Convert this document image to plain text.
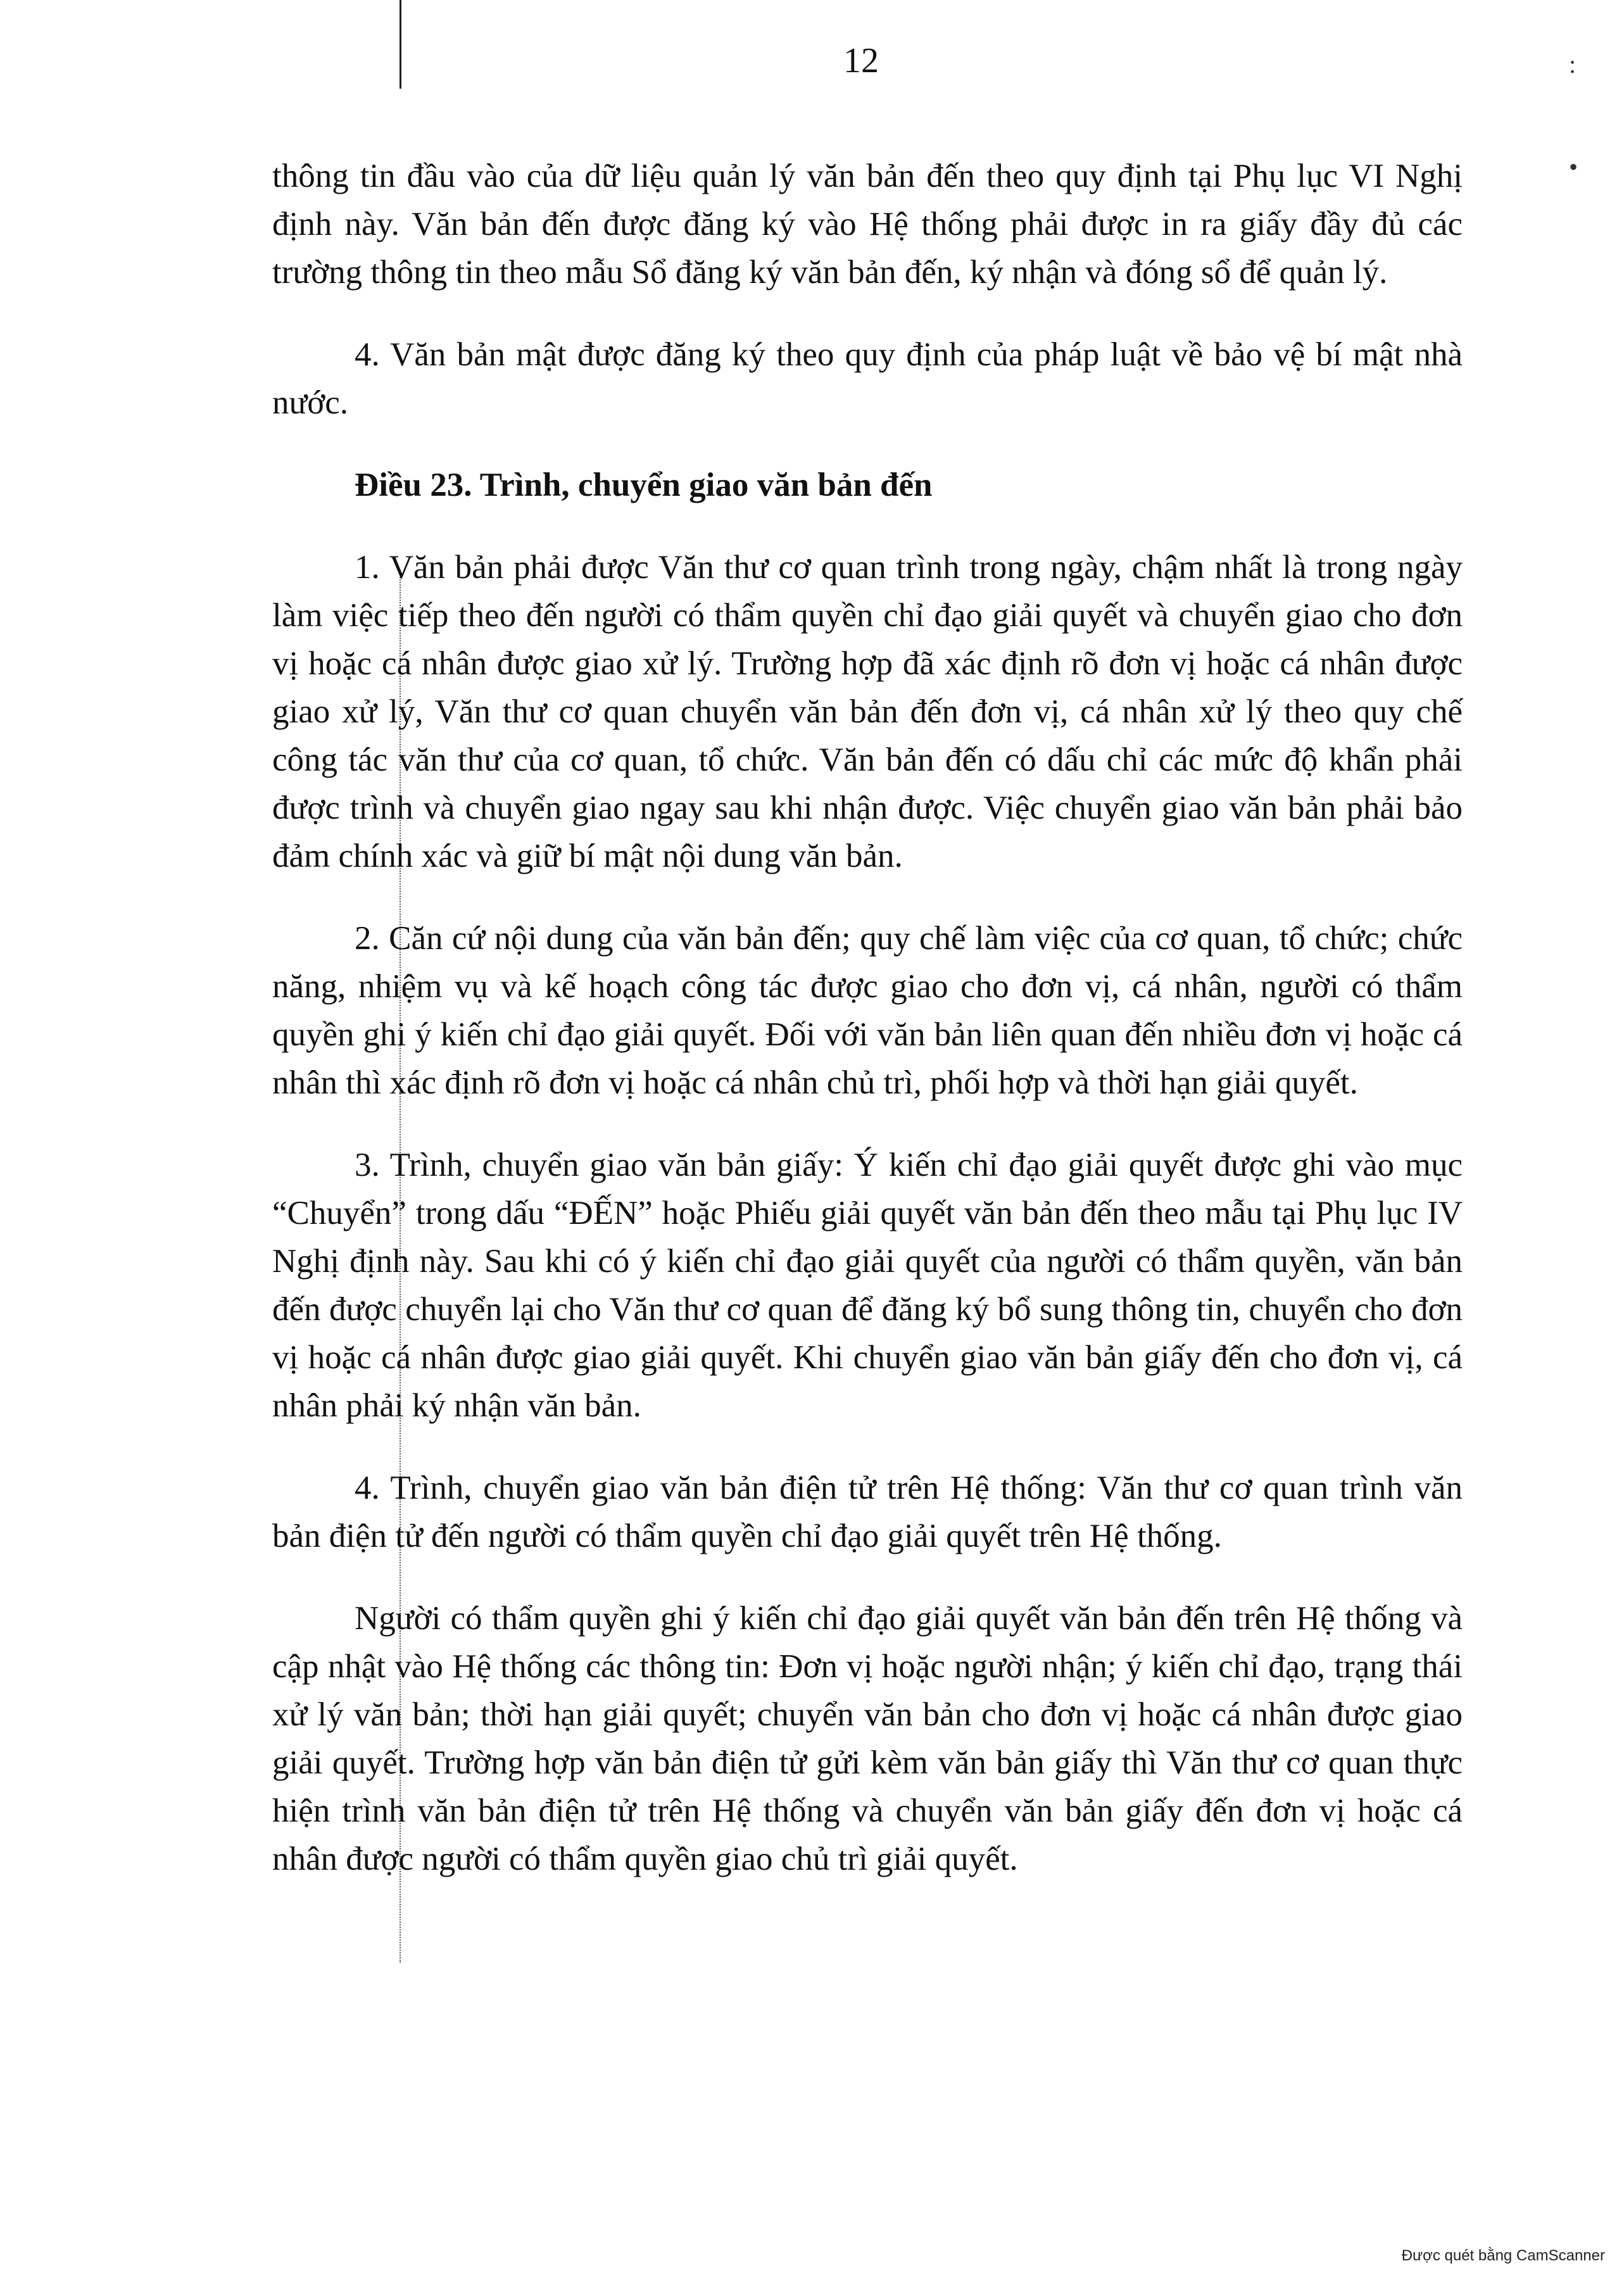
:
•
12

thông tin đầu vào của dữ liệu quản lý văn bản đến theo quy định tại Phụ lục VI Nghị định này. Văn bản đến được đăng ký vào Hệ thống phải được in ra giấy đầy đủ các trường thông tin theo mẫu Sổ đăng ký văn bản đến, ký nhận và đóng sổ để quản lý.

4. Văn bản mật được đăng ký theo quy định của pháp luật về bảo vệ bí mật nhà nước.

Điều 23. Trình, chuyển giao văn bản đến

1. Văn bản phải được Văn thư cơ quan trình trong ngày, chậm nhất là trong ngày làm việc tiếp theo đến người có thẩm quyền chỉ đạo giải quyết và chuyển giao cho đơn vị hoặc cá nhân được giao xử lý. Trường hợp đã xác định rõ đơn vị hoặc cá nhân được giao xử lý, Văn thư cơ quan chuyển văn bản đến đơn vị, cá nhân xử lý theo quy chế công tác văn thư của cơ quan, tổ chức. Văn bản đến có dấu chỉ các mức độ khẩn phải được trình và chuyển giao ngay sau khi nhận được. Việc chuyển giao văn bản phải bảo đảm chính xác và giữ bí mật nội dung văn bản.

2. Căn cứ nội dung của văn bản đến; quy chế làm việc của cơ quan, tổ chức; chức năng, nhiệm vụ và kế hoạch công tác được giao cho đơn vị, cá nhân, người có thẩm quyền ghi ý kiến chỉ đạo giải quyết. Đối với văn bản liên quan đến nhiều đơn vị hoặc cá nhân thì xác định rõ đơn vị hoặc cá nhân chủ trì, phối hợp và thời hạn giải quyết.

3. Trình, chuyển giao văn bản giấy: Ý kiến chỉ đạo giải quyết được ghi vào mục “Chuyển” trong dấu “ĐẾN” hoặc Phiếu giải quyết văn bản đến theo mẫu tại Phụ lục IV Nghị định này. Sau khi có ý kiến chỉ đạo giải quyết của người có thẩm quyền, văn bản đến được chuyển lại cho Văn thư cơ quan để đăng ký bổ sung thông tin, chuyển cho đơn vị hoặc cá nhân được giao giải quyết. Khi chuyển giao văn bản giấy đến cho đơn vị, cá nhân phải ký nhận văn bản.

4. Trình, chuyển giao văn bản điện tử trên Hệ thống: Văn thư cơ quan trình văn bản điện tử đến người có thẩm quyền chỉ đạo giải quyết trên Hệ thống.

Người có thẩm quyền ghi ý kiến chỉ đạo giải quyết văn bản đến trên Hệ thống và cập nhật vào Hệ thống các thông tin: Đơn vị hoặc người nhận; ý kiến chỉ đạo, trạng thái xử lý văn bản; thời hạn giải quyết; chuyển văn bản cho đơn vị hoặc cá nhân được giao giải quyết. Trường hợp văn bản điện tử gửi kèm văn bản giấy thì Văn thư cơ quan thực hiện trình văn bản điện tử trên Hệ thống và chuyển văn bản giấy đến đơn vị hoặc cá nhân được người có thẩm quyền giao chủ trì giải quyết.

Được quét bằng CamScanner
